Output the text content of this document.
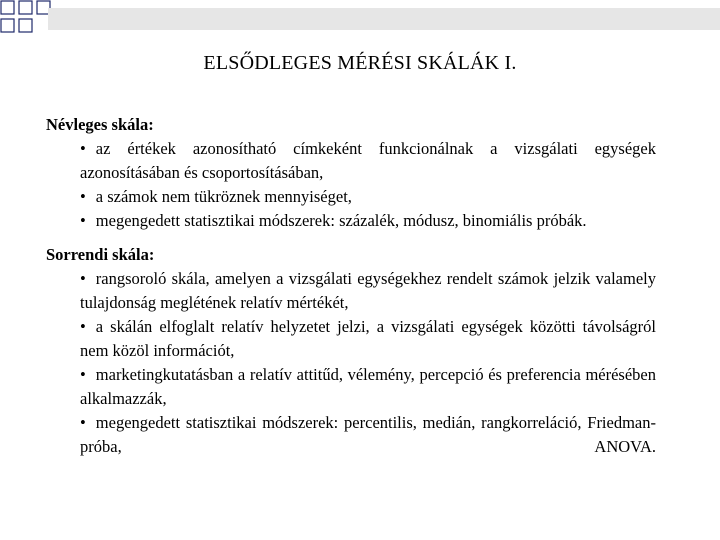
ELSŐDLEGES MÉRÉSI SKÁLÁK I.
Névleges skála:
• az értékek azonosítható címkeként funkcionálnak a vizsgálati egységek azonosításában és csoportosításában,
• a számok nem tükröznek mennyiséget,
• megengedett statisztikai módszerek: százalék, módusz, binomiális próbák.
Sorrendi skála:
• rangsoroló skála, amelyen a vizsgálati egységekhez rendelt számok jelzik valamely tulajdonság meglétének relatív mértékét,
• a skálán elfoglalt relatív helyzetet jelzi, a vizsgálati egységek közötti távolságról nem közöl információt,
• marketingkutatásban a relatív attitűd, vélemény, percepció és preferencia mérésében alkalmazzák,
• megengedett statisztikai módszerek: percentilis, medián, rangkorreláció, Friedman-próba, ANOVA.
